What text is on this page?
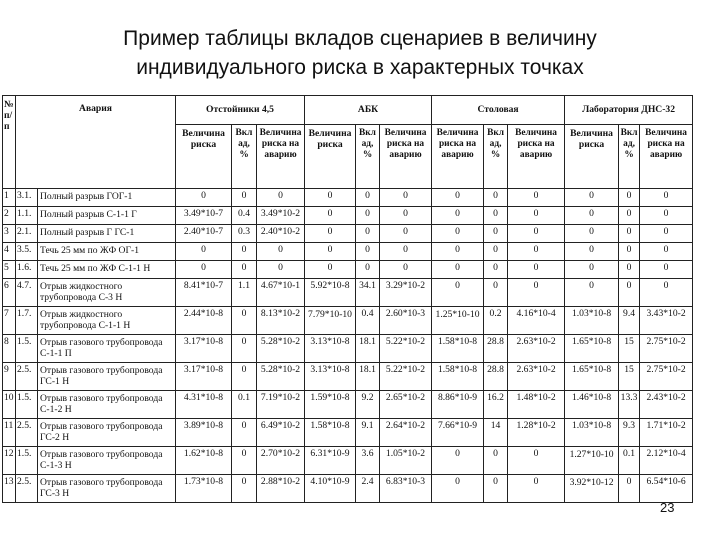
Пример таблицы вкладов сценариев в величину
индивидуального риска в характерных точках
№ п/п	Авария		Отстойники 4,5			АБК			Столовая			Лаборатория ДНС-32		
			Величина риска	Вкл ад, %	Величина риска на аварию	Величина риска	Вкл ад, %	Величина риска на аварию	Величина риска на аварию	Вкл ад, %	Величина риска на аварию	Величина риска	Вкл ад, %	Величина риска на аварию
1	3.1.	Полный разрыв ГОГ-1	0	0	0	0	0	0	0	0	0	0	0	0
2	1.1.	Полный разрыв С-1-1 Г	3.49*10-7	0.4	3.49*10-2	0	0	0	0	0	0	0	0	0
3	2.1.	Полный разрыв Г ГС-1	2.40*10-7	0.3	2.40*10-2	0	0	0	0	0	0	0	0	0
4	3.5.	Течь 25 мм по ЖФ ОГ-1	0	0	0	0	0	0	0	0	0	0	0	0
5	1.6.	Течь 25 мм по ЖФ С-1-1 Н	0	0	0	0	0	0	0	0	0	0	0	0
6	4.7.	Отрыв жидкостного трубопровода С-3 Н	8.41*10-7	1.1	4.67*10-1	5.92*10-8	34.1	3.29*10-2	0	0	0	0	0	0
7	1.7.	Отрыв жидкостного трубопровода С-1-1 Н	2.44*10-8	0	8.13*10-2	7.79*10-10	0.4	2.60*10-3	1.25*10-10	0.2	4.16*10-4	1.03*10-8	9.4	3.43*10-2
8	1.5.	Отрыв газового трубопровода С-1-1 П	3.17*10-8	0	5.28*10-2	3.13*10-8	18.1	5.22*10-2	1.58*10-8	28.8	2.63*10-2	1.65*10-8	15	2.75*10-2
9	2.5.	Отрыв газового трубопровода ГС-1 Н	3.17*10-8	0	5.28*10-2	3.13*10-8	18.1	5.22*10-2	1.58*10-8	28.8	2.63*10-2	1.65*10-8	15	2.75*10-2
10	1.5.	Отрыв газового трубопровода С-1-2 Н	4.31*10-8	0.1	7.19*10-2	1.59*10-8	9.2	2.65*10-2	8.86*10-9	16.2	1.48*10-2	1.46*10-8	13.3	2.43*10-2
11	2.5.	Отрыв газового трубопровода ГС-2 Н	3.89*10-8	0	6.49*10-2	1.58*10-8	9.1	2.64*10-2	7.66*10-9	14	1.28*10-2	1.03*10-8	9.3	1.71*10-2
12	1.5.	Отрыв газового трубопровода С-1-3 Н	1.62*10-8	0	2.70*10-2	6.31*10-9	3.6	1.05*10-2	0	0	0	1.27*10-10	0.1	2.12*10-4
13	2.5.	Отрыв газового трубопровода ГС-3 Н	1.73*10-8	0	2.88*10-2	4.10*10-9	2.4	6.83*10-3	0	0	0	3.92*10-12	0	6.54*10-6
23
